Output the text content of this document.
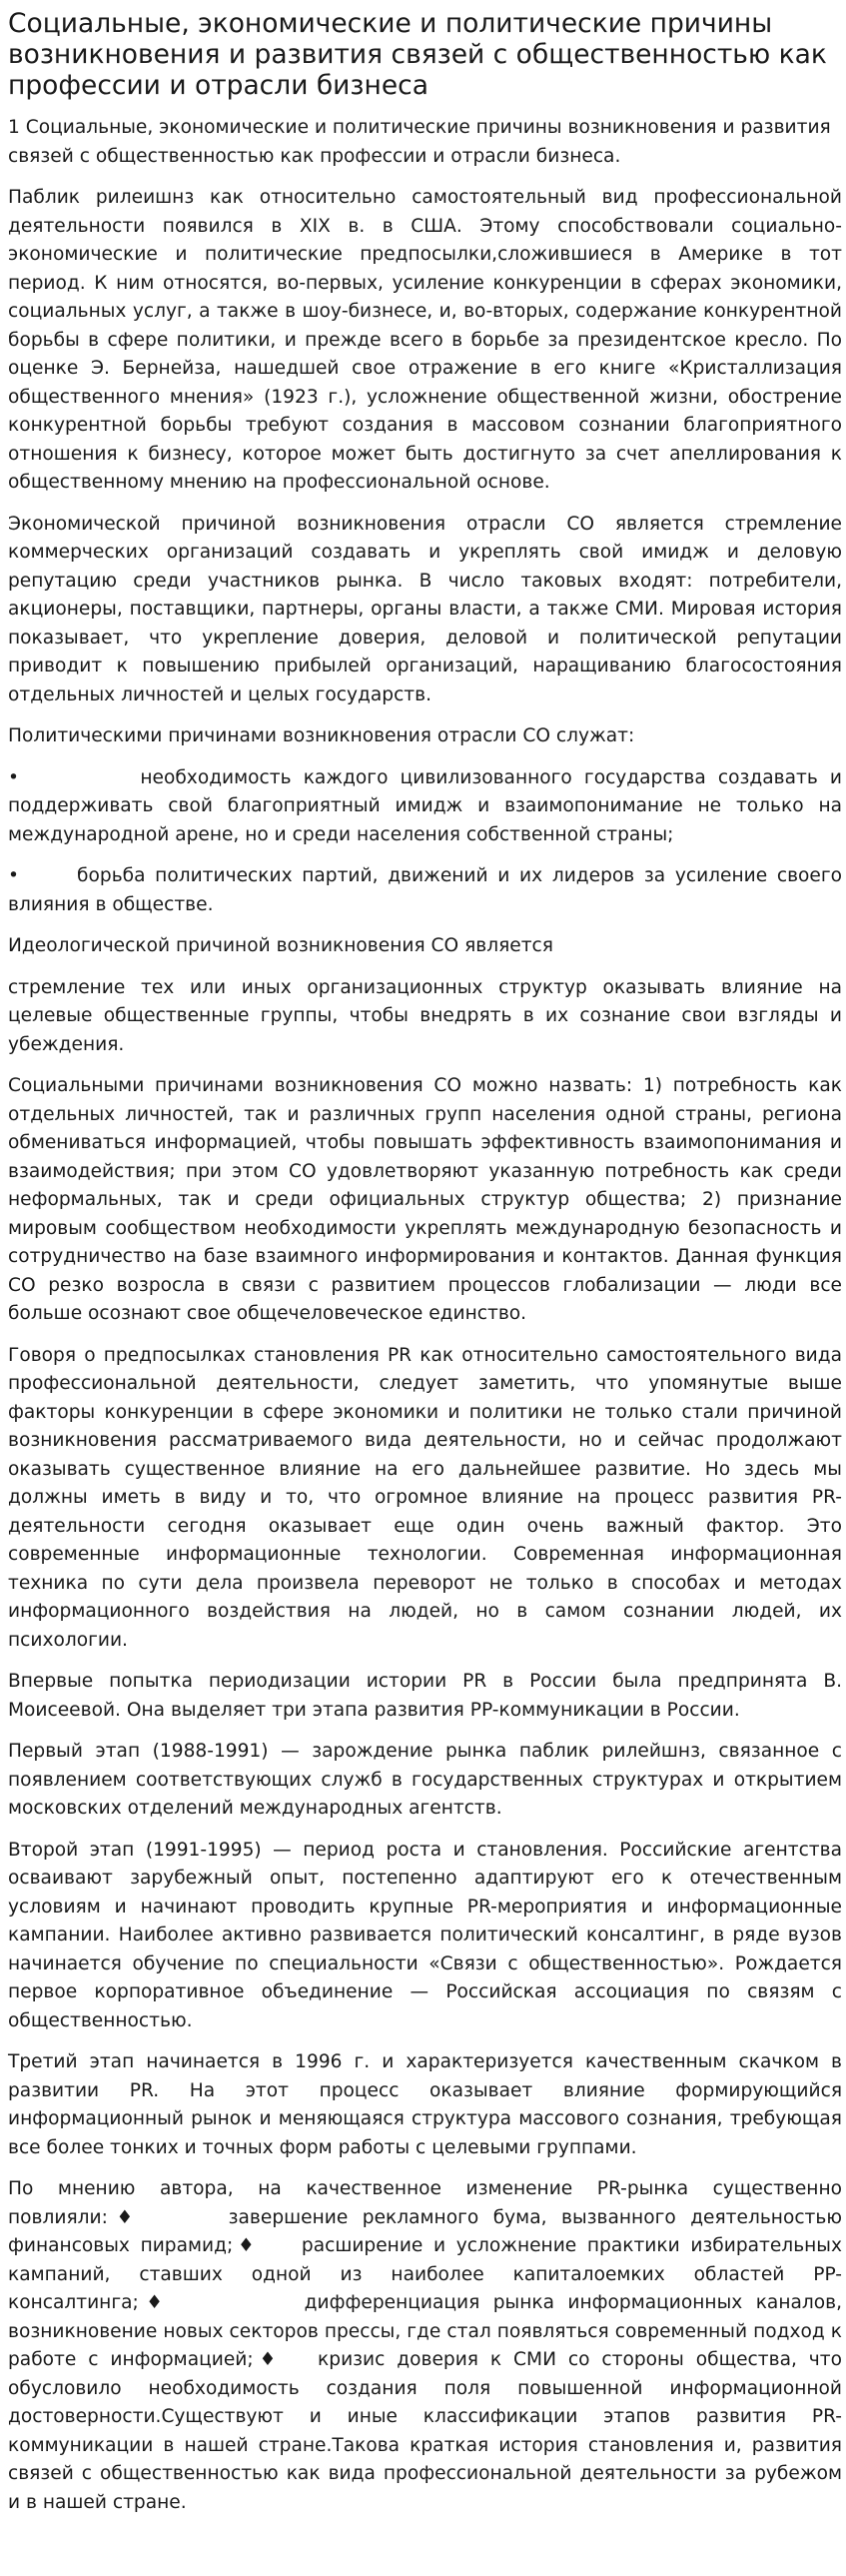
Социальные, экономические и политические причины возникновения и развития связей с общественностью как профессии и отрасли бизнеса

1 Социальные, экономические и политические причины возникновения и развития связей с общественностью как профессии и отрасли бизнеса.

Паблик рилеишнз как относительно самостоятельный вид профессиональной деятельности появился в XIX в. в США. Этому способствовали социально-экономические и политические предпосылки,сложившиеся в Америке в тот период. К ним относятся, во-первых, усиление конкуренции в сферах экономики, социальных услуг, а также в шоу-бизнесе, и, во-вторых, содержание конкурентной борьбы в сфере политики, и прежде всего в борьбе за президентское кресло. По оценке Э. Бернейза, нашедшей свое отражение в его книге «Кристаллизация общественного мнения» (1923 г.), усложнение общественной жизни, обострение конкурентной борьбы требуют создания в массовом сознании благоприятного отношения к бизнесу, которое может быть достигнуто за счет апеллирования к общественному мнению на профессиональной основе.

Экономической причиной возникновения отрасли СО является стремление коммерческих организаций создавать и укреплять свой имидж и деловую репутацию среди участников рынка. В число таковых входят: потребители, акционеры, поставщики, партнеры, органы власти, а также СМИ. Мировая история показывает, что укрепление доверия, деловой и политической репутации приводит к повышению прибылей организаций, наращиванию благосостояния отдельных личностей и целых государств.

Политическими причинами возникновения отрасли СО служат:

•          необходимость каждого цивилизованного государства создавать и поддерживать свой благоприятный имидж и взаимопонимание не только на международной арене, но и среди населения собственной страны;

•      борьба политических партий, движений и их лидеров за усиление своего влияния в обществе.

Идеологической причиной возникновения СО является

стремление тех или иных организационных структур оказывать влияние на целевые общественные группы, чтобы внедрять в их сознание свои взгляды и убеждения.

Социальными причинами возникновения СО можно назвать: 1) потребность как отдельных личностей, так и различных групп населения одной страны, региона обмениваться информацией, чтобы повышать эффективность взаимопонимания и взаимодействия; при этом СО удовлетворяют указанную потребность как среди неформальных, так и среди официальных структур общества; 2) признание мировым сообществом необходимости укреплять международную безопасность и сотрудничество на базе взаимного информирования и контактов. Данная функция СО резко возросла в связи с развитием процессов глобализации — люди все больше осознают свое общечеловеческое единство.

Говоря о предпосылках становления PR как относительно самостоятельного вида профессиональной деятельности, следует заметить, что упомянутые выше факторы конкуренции в сфере экономики и политики не только стали причиной возникновения рассматриваемого вида деятельности, но и сейчас продолжают оказывать существенное влияние на его дальнейшее развитие. Но здесь мы должны иметь в виду и то, что огромное влияние на процесс развития PR-деятельности сегодня оказывает еще один очень важный фактор. Это современные информационные технологии. Современная информационная техника по сути дела произвела переворот не только в способах и методах информационного воздействия на людей, но в самом сознании людей, их психологии.

Впервые попытка периодизации истории PR в России была предпринята В. Моисеевой. Она выделяет три этапа развития PP-коммуникации в России.

Первый этап (1988-1991) — зарождение рынка паблик рилейшнз, связанное с появлением соответствующих служб в государственных структурах и открытием московских отделений международных агентств.

Второй этап (1991-1995) — период роста и становления. Российские агентства осваивают зарубежный опыт, постепенно адаптируют его к отечественным условиям и начинают проводить крупные PR-мероприятия и информационные кампании. Наиболее активно развивается политический консалтинг, в ряде вузов начинается обучение по специальности «Связи с общественностью». Рождается первое корпоративное объединение — Российская ассоциация по связям с общественностью.

Третий этап начинается в 1996 г. и характеризуется качественным скачком в развитии PR. На этот процесс оказывает влияние формирующийся информационный рынок и меняющаяся структура массового сознания, требующая все более тонких и точных форм работы с целевыми группами.

По мнению автора, на качественное изменение PR-рынка существенно повлияли:♦      завершение рекламного бума, вызванного деятельностью финансовых пирамид;♦    расширение и усложнение практики избирательных кампаний, ставших одной из наиболее капиталоемких областей PP-консалтинга;♦          дифференциация рынка информационных каналов, возникновение новых секторов прессы, где стал появляться современный подход к работе с информацией;♦   кризис доверия к СМИ со стороны общества, что обусловило необходимость создания поля повышенной информационной достоверности.Существуют и иные классификации этапов развития PR-коммуникации в нашей стране.Такова краткая история становления и, развития связей с общественностью как вида профессиональной деятельности за рубежом и в нашей стране.
